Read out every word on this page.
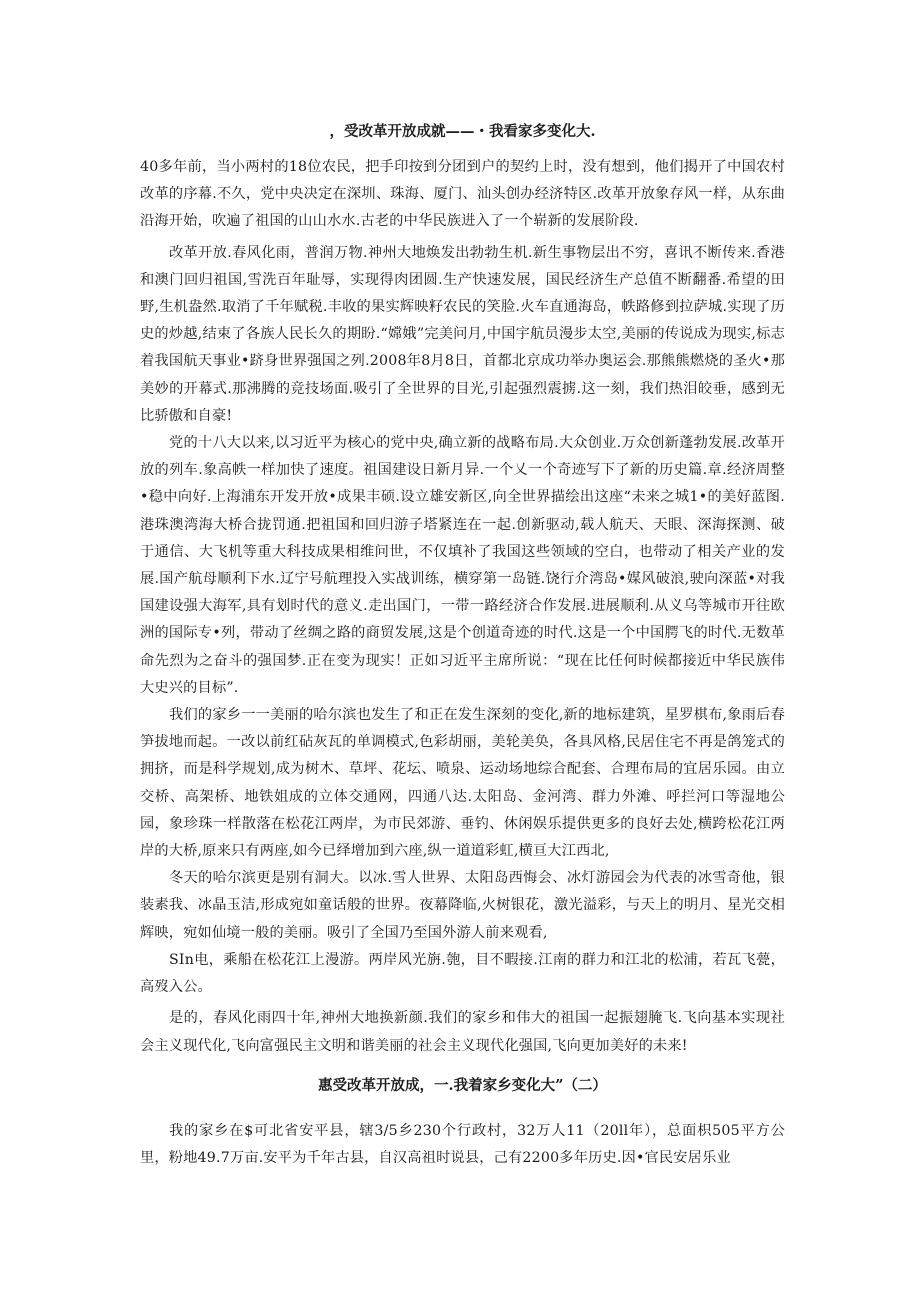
，受改革开放成就——・我看家多变化大.

40多年前，当小两村的18位农民，把手印按到分团到户的契约上时，没有想到，他们揭开了中国农村改革的序幕.不久，党中央决定在深圳、珠海、厦门、汕头创办经济特区.改革开放象存风一样，从东曲沿海开始，吹遍了祖国的山山水水.古老的中华民族进入了一个崭新的发展阶段.

改革开放.春风化雨，普润万物.神州大地焕发出勃勃生机.新生事物层出不穷，喜讯不断传来.香港和澳门回归祖国,雪洗百年耻辱，实现得肉团圆.生产快速发展，国民经济生产总值不断翻番.希望的田野,生机盎然.取消了千年赋税.丰收的果实辉映籽农民的笑脸.火车直通海岛，帙路修到拉萨城.实现了历史的炒越,结束了各族人民长久的期盼.“嫦娥”完美问月,中国宇航员漫步太空,美丽的传说成为现实,标志着我国航天事业•跻身世界强国之列.2008年8月8日，首都北京成功举办奥运会.那熊熊燃烧的圣火•那美妙的开幕式.那沸腾的竞技场面.吸引了全世界的目光,引起强烈震掳.这一刻，我们热泪皎垂，感到无比骄傲和自豪!

党的十八大以来,以习近平为核心的党中央,确立新的战略布局.大众创业.万众创新蓬勃发展.改革开放的列车.象高帙一样加快了速度。祖国建设日新月异.一个乂一个奇迹写下了新的历史篇.章.经济周整•稳中向好.上海浦东开发开放•成果丰硕.设立雄安新区,向全世界描绘出这座“未来之城1•的美好蓝图.港珠澳湾海大桥合拢罚通.把祖国和回归游子塔紧连在一起.创新驱动,载人航天、天眼、深海探测、破于通信、大飞机等重大科技成果相维问世，不仅填补了我国这些领域的空白，也带动了相关产业的发展.国产航母顺利下水.辽宁号航理投入实战训练，横穿第一岛链.饶行介湾岛•媒风破浪,驶向深蓝•对我国建设强大海军,具有划时代的意义.走出国门，一带一路经济合作发展.进展顺利.从义乌等城市开往欧洲的国际专•列，带动了丝绸之路的商贸发展,这是个创道奇迹的时代.这是一个中国腭飞的时代.无数革命先烈为之奋斗的强国梦.正在变为现实！正如习近平主席所说：“现在比任何时候都接近中华民族伟大史兴的目标”.

我们的家乡一一美丽的哈尔滨也发生了和正在发生深刻的变化,新的地标建筑，星罗棋布,象雨后春笋拔地而起。一改以前红砧灰瓦的单调模式,色彩胡丽，美轮美奂，各具风格,民居住宅不再是鸽笼式的拥挤，而是科学规划,成为树木、草坪、花坛、喷泉、运动场地综合配套、合理布局的宜居乐园。由立交桥、高架桥、地铁姐成的立体交通网，四通八达.太阳岛、金河湾、群力外滩、呼拦河口等湿地公园，象珍珠一样散落在松花江两岸，为市民郊游、垂钓、休闲娱乐提供更多的良好去处,横跨松花江两岸的大桥,原来只有两座,如今已绎增加到六座,纵一道道彩虹,横亘大江西北,

冬天的哈尔滨更是别有洞大。以冰.雪人世界、太阳岛西悔会、冰灯游园会为代表的冰雪奇他，银装素我、冰晶玉洁,形成宛如童话般的世界。夜幕降临,火树银花，激光溢彩，与天上的明月、星光交相辉映，宛如仙境一般的美丽。吸引了全国乃至国外游人前来观看,

SIn电，乘船在松花江上漫游。两岸风光旃.匏，目不暇接.江南的群力和江北的松浦，若瓦飞甍，高歿入公。

是的，春风化雨四十年,神州大地换新颜.我们的家乡和伟大的祖国一起振翅腌飞.飞向基本实现社会主义现代化,飞向富强民主文明和谐美丽的社会主义现代化强国,飞向更加美好的未来!

惠受改革开放成，一.我着家乡变化大”（二）

我的家乡在$可北省安平县，辖3/5乡230个行政村，32万人11（20ll年），总面枳505平方公里，粉地49.7万亩.安平为千年古县，自汉高祖时说县，己有2200多年历史.因•官民安居乐业
